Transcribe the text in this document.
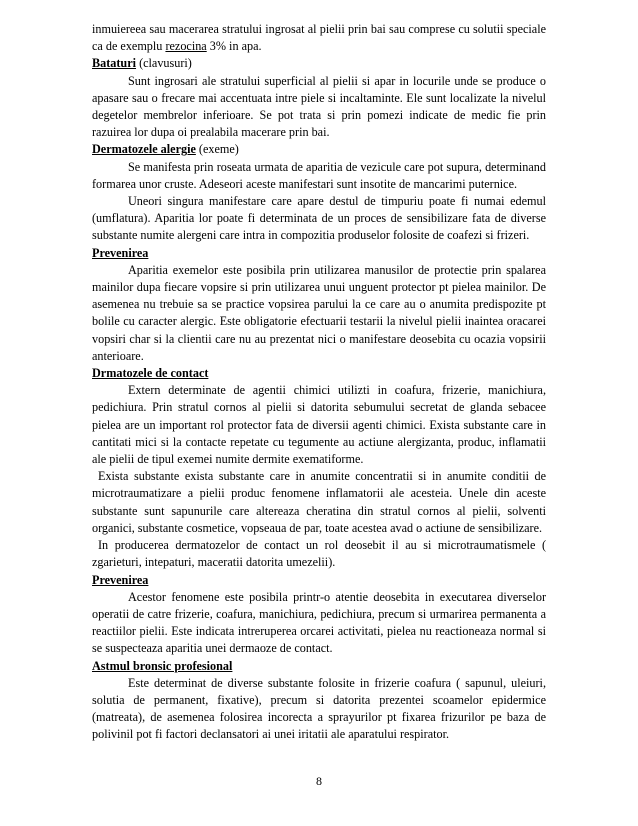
inmuiereea sau macerarea stratului ingrosat al pielii prin bai sau comprese cu solutii speciale ca de exemplu rezocina 3% in apa.

Bataturi (clavusuri)

Sunt ingrosari ale stratului superficial al pielii si apar in locurile unde se produce o apasare sau o frecare mai accentuata intre piele si incaltaminte. Ele sunt localizate la nivelul degetelor membrelor inferioare. Se pot trata si prin pomezi indicate de medic fie prin razuirea lor dupa oi prealabila macerare prin bai.

Dermatozele alergie (exeme)

Se manifesta prin roseata urmata de aparitia de vezicule care pot supura, determinand formarea unor cruste. Adeseori aceste manifestari sunt insotite de mancarimi puternice.

Uneori singura manifestare care apare destul de timpuriu poate fi numai edemul (umflatura). Aparitia lor poate fi determinata de un proces de sensibilizare fata de diverse substante numite alergeni care intra in compozitia produselor folosite de coafezi si frizeri.

Prevenirea

Aparitia exemelor este posibila prin utilizarea manusilor de protectie prin spalarea mainilor dupa fiecare vopsire si prin utilizarea unui unguent protector pt pielea mainilor. De asemenea nu trebuie sa se practice vopsirea parului la ce care au o anumita predispozite pt bolile cu caracter alergic. Este obligatorie efectuarii testarii la nivelul pielii inaintea oracarei vopsiri char si la clientii care nu au prezentat nici o manifestare deosebita cu ocazia vopsirii anterioare.

Drmatozele de contact

Extern determinate de agentii chimici utilizti in coafura, frizerie, manichiura, pedichiura. Prin stratul cornos al pielii si datorita sebumului secretat de glanda sebacee pielea are un important rol protector fata de diversii agenti chimici. Exista substante care in cantitati mici si la contacte repetate cu tegumente au actiune alergizanta, produc, inflamatii ale pielii de tipul exemei numite dermite exematiforme.

Exista substante exista substante care in anumite concentratii si in anumite conditii de microtraumatizare a pielii produc fenomene inflamatorii ale acesteia. Unele din aceste substante sunt sapunurile care altereaza cheratina din stratul cornos al pielii, solventi organici, substante cosmetice, vopseaua de par, toate acestea avad o actiune de sensibilizare.

In producerea dermatozelor de contact un rol deosebit il au si microtraumatismele ( zgarieturi, intepaturi, maceratii datorita umezelii).

Prevenirea

Acestor fenomene este posibila printr-o atentie deosebita in executarea diverselor operatii de catre frizerie, coafura, manichiura, pedichiura, precum si urmarirea permanenta a reactiilor pielii. Este indicata intreruperea orcarei activitati, pielea nu reactioneaza normal si se suspecteaza aparitia unei dermaoze de contact.

Astmul bronsic profesional

Este determinat de diverse substante folosite in frizerie coafura ( sapunul, uleiuri, solutia de permanent, fixative), precum si datorita prezentei scoamelor epidermice (matreata), de asemenea folosirea incorecta a sprayurilor pt fixarea frizurilor pe baza de polivinil pot fi factori declansatori ai unei iritatii ale aparatului respirator.

8
